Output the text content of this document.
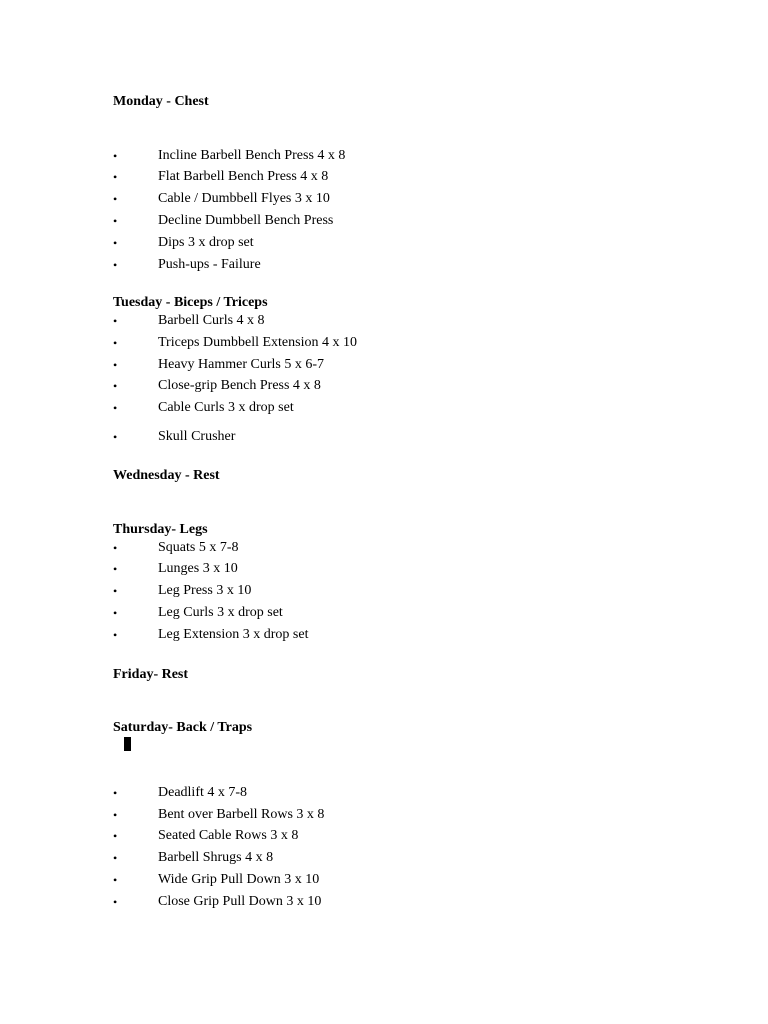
Monday - Chest
•	Incline Barbell Bench Press 4 x 8
•	Flat Barbell Bench Press 4 x 8
•	Cable / Dumbbell Flyes 3 x 10
•	Decline Dumbbell Bench Press
•	Dips 3 x drop set
•	Push-ups - Failure
Tuesday - Biceps / Triceps
•	Barbell Curls 4 x 8
•	Triceps Dumbbell Extension 4 x 10
•	Heavy Hammer Curls 5 x 6-7
•	Close-grip Bench Press 4 x 8
•	Cable Curls 3 x drop set
•	Skull Crusher
Wednesday - Rest
Thursday- Legs
•	Squats 5 x 7-8
•	Lunges 3 x 10
•	Leg Press 3 x 10
•	Leg Curls 3 x drop set
•	Leg Extension 3 x drop set
Friday- Rest
Saturday- Back / Traps
•	Deadlift 4 x 7-8
•	Bent over Barbell Rows 3 x 8
•	Seated Cable Rows 3 x 8
•	Barbell Shrugs 4 x 8
•	Wide Grip Pull Down 3 x 10
•	Close Grip Pull Down 3 x 10
